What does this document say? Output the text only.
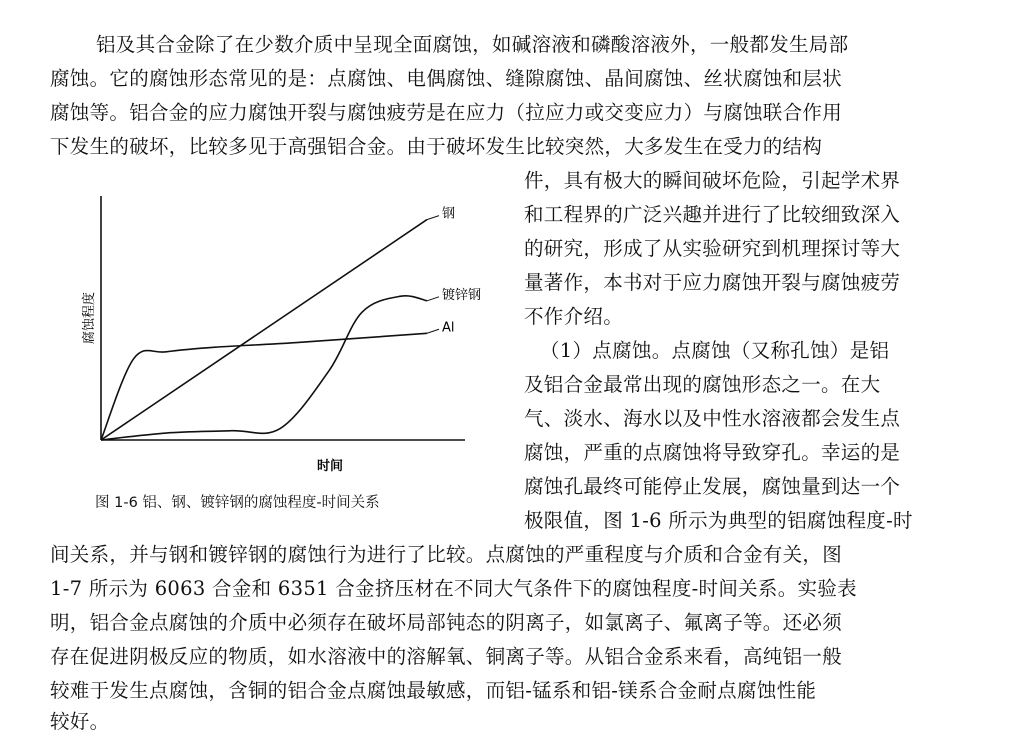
铝及其合金除了在少数介质中呈现全面腐蚀，如碱溶液和磷酸溶液外，一般都发生局部
腐蚀。它的腐蚀形态常见的是：点腐蚀、电偶腐蚀、缝隙腐蚀、晶间腐蚀、丝状腐蚀和层状
腐蚀等。铝合金的应力腐蚀开裂与腐蚀疲劳是在应力（拉应力或交变应力）与腐蚀联合作用
下发生的破坏，比较多见于高强铝合金。由于破坏发生比较突然，大多发生在受力的结构
件，具有极大的瞬间破坏危险，引起学术界
和工程界的广泛兴趣并进行了比较细致深入
的研究，形成了从实验研究到机理探讨等大
量著作，本书对于应力腐蚀开裂与腐蚀疲劳
不作介绍。
（1）点腐蚀。点腐蚀（又称孔蚀）是铝
及铝合金最常出现的腐蚀形态之一。在大
气、淡水、海水以及中性水溶液都会发生点
腐蚀，严重的点腐蚀将导致穿孔。幸运的是
腐蚀孔最终可能停止发展，腐蚀量到达一个
极限值，图 1-6 所示为典型的铝腐蚀程度-时
间关系，并与钢和镀锌钢的腐蚀行为进行了比较。点腐蚀的严重程度与介质和合金有关，图
1-7 所示为 6063 合金和 6351 合金挤压材在不同大气条件下的腐蚀程度-时间关系。实验表
明，铝合金点腐蚀的介质中必须存在破坏局部钝态的阴离子，如氯离子、氟离子等。还必须
存在促进阴极反应的物质，如水溶液中的溶解氧、铜离子等。从铝合金系来看，高纯铝一般
较难于发生点腐蚀，含铜的铝合金点腐蚀最敏感，而铝-锰系和铝-镁系合金耐点腐蚀性能
较好。
腐蚀程度
时间
钢
镀锌钢
Al
图 1-6 铝、钢、镀锌钢的腐蚀程度-时间关系
